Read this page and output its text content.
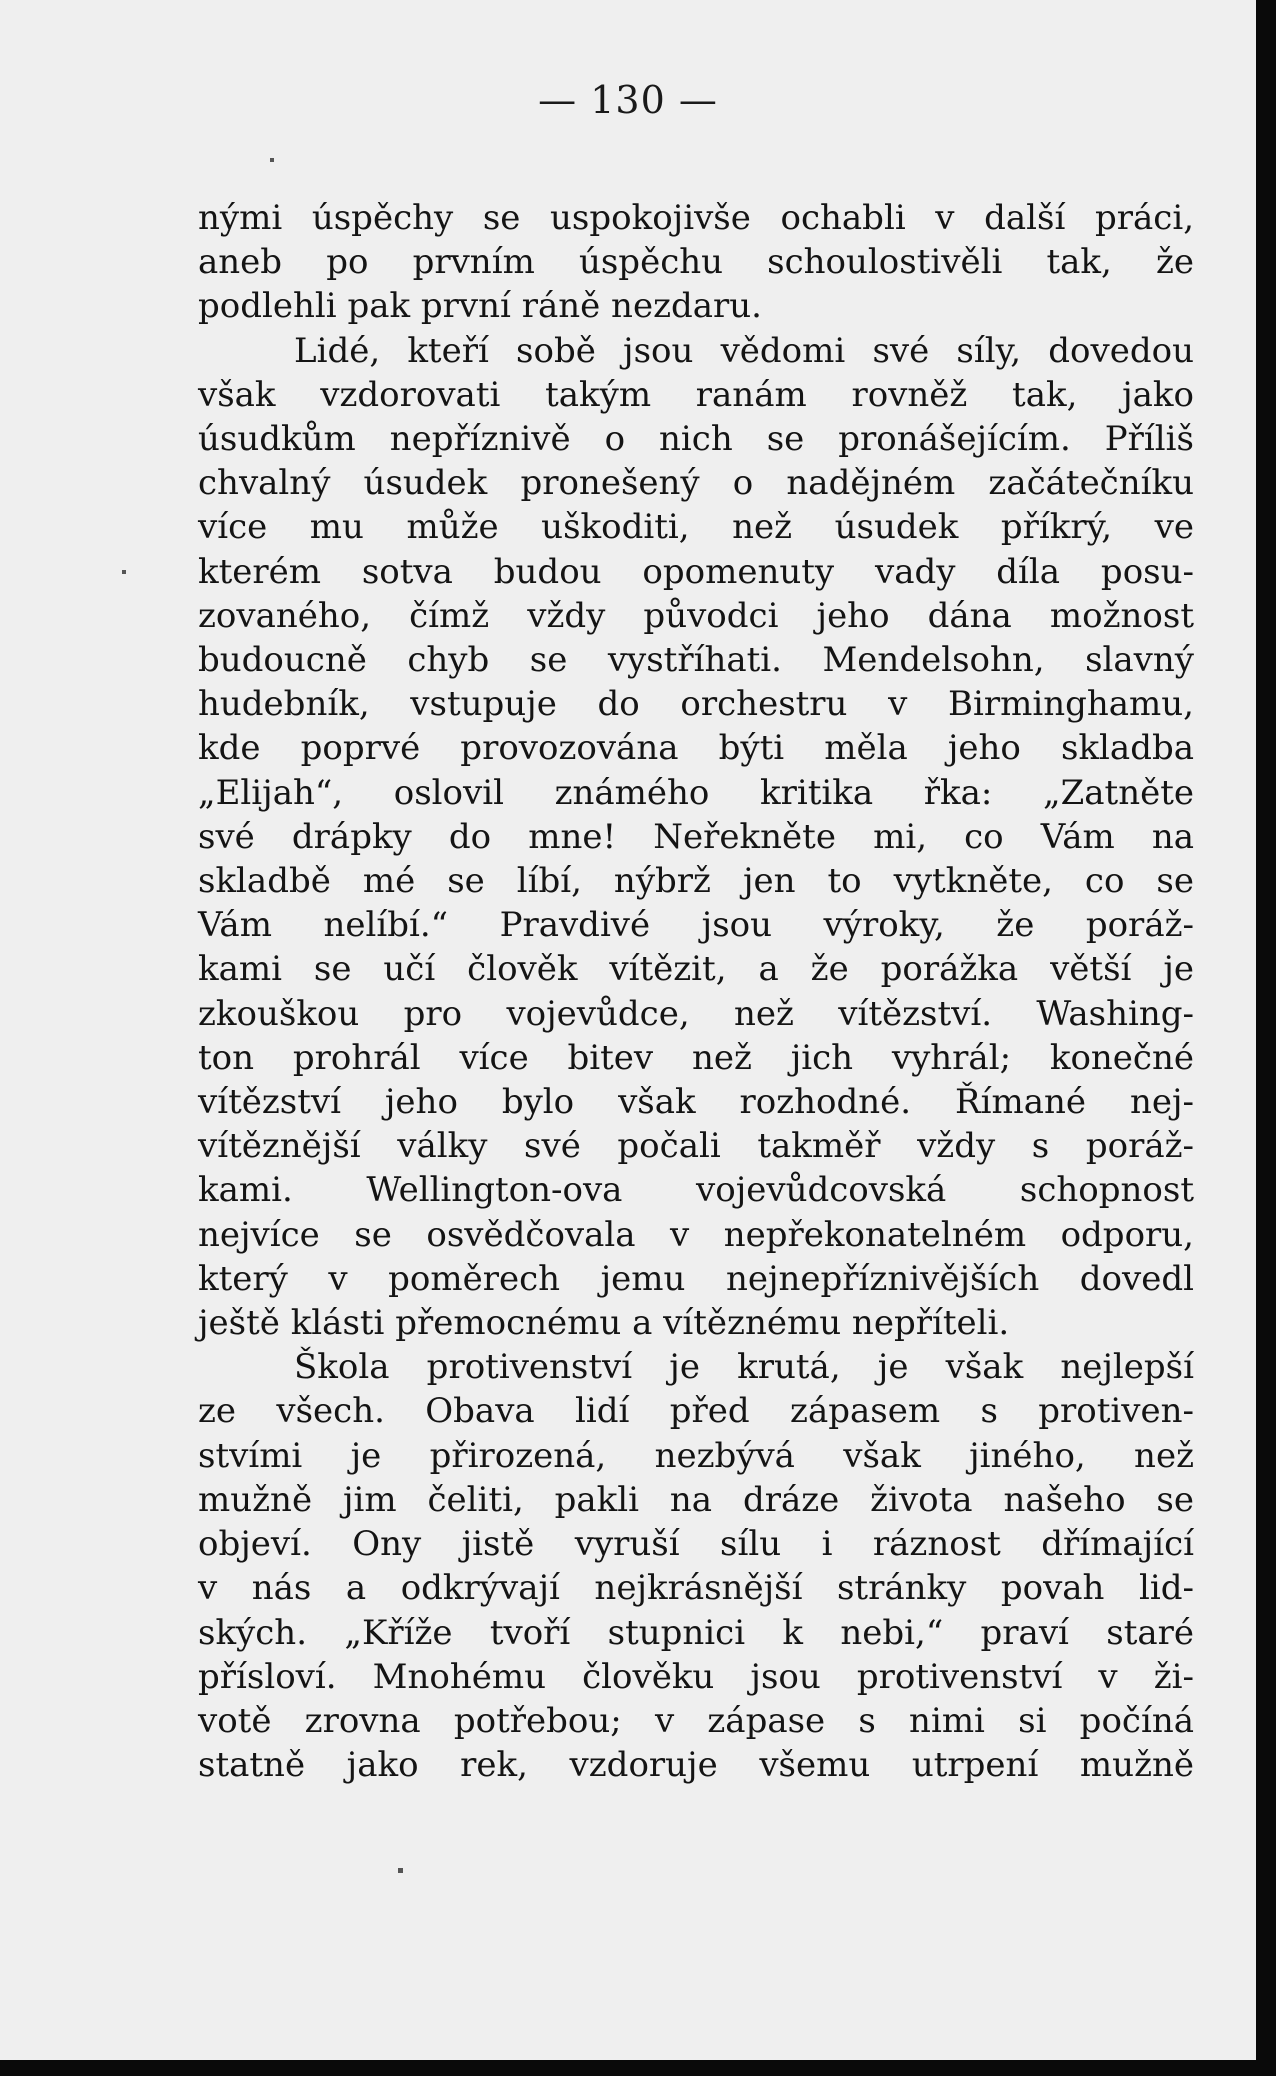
— 130 —
nými úspěchy se uspokojivše ochabli v další práci,
aneb po prvním úspěchu schoulostivěli tak, že
podlehli pak první ráně nezdaru.
Lidé, kteří sobě jsou vědomi své síly, dovedou
však vzdorovati takým ranám rovněž tak, jako
úsudkům nepříznivě o nich se pronášejícím. Příliš
chvalný úsudek pronešený o nadějném začátečníku
více mu může uškoditi, než úsudek příkrý, ve
kterém sotva budou opomenuty vady díla posu-
zovaného, čímž vždy původci jeho dána možnost
budoucně chyb se vystříhati. Mendelsohn, slavný
hudebník, vstupuje do orchestru v Birminghamu,
kde poprvé provozována býti měla jeho skladba
„Elijah“, oslovil známého kritika řka: „Zatněte
své drápky do mne! Neřekněte mi, co Vám na
skladbě mé se líbí, nýbrž jen to vytkněte, co se
Vám nelíbí.“ Pravdivé jsou výroky, že poráž-
kami se učí člověk vítězit, a že porážka větší je
zkouškou pro vojevůdce, než vítězství. Washing-
ton prohrál více bitev než jich vyhrál; konečné
vítězství jeho bylo však rozhodné. Římané nej-
vítěznější války své počali takměř vždy s poráž-
kami. Wellington-ova vojevůdcovská schopnost
nejvíce se osvědčovala v nepřekonatelném odporu,
který v poměrech jemu nejnepříznivějších dovedl
ještě klásti přemocnému a vítěznému nepříteli.
Škola protivenství je krutá, je však nejlepší
ze všech. Obava lidí před zápasem s protiven-
stvími je přirozená, nezbývá však jiného, než
mužně jim čeliti, pakli na dráze života našeho se
objeví. Ony jistě vyruší sílu i ráznost dřímající
v nás a odkrývají nejkrásnější stránky povah lid-
ských. „Kříže tvoří stupnici k nebi,“ praví staré
přísloví. Mnohému člověku jsou protivenství v ži-
votě zrovna potřebou; v zápase s nimi si počíná
statně jako rek, vzdoruje všemu utrpení mužně
